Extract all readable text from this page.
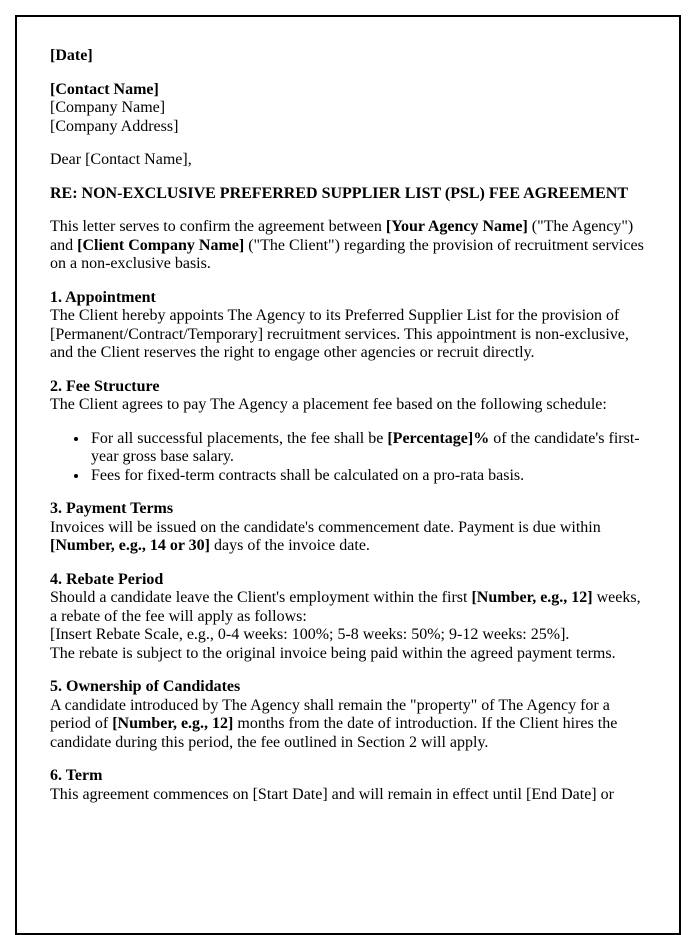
[Date]

[Contact Name]

[Company Name]

[Company Address]

Dear [Contact Name],

RE: NON-EXCLUSIVE PREFERRED SUPPLIER LIST (PSL) FEE AGREEMENT

This letter serves to confirm the agreement between [Your Agency Name] ("The Agency") and [Client Company Name] ("The Client") regarding the provision of recruitment services on a non-exclusive basis.

1. Appointment

The Client hereby appoints The Agency to its Preferred Supplier List for the provision of [Permanent/Contract/Temporary] recruitment services. This appointment is non-exclusive, and the Client reserves the right to engage other agencies or recruit directly.

2. Fee Structure

The Client agrees to pay The Agency a placement fee based on the following schedule:

• For all successful placements, the fee shall be [Percentage]% of the candidate's first-year gross base salary.
• Fees for fixed-term contracts shall be calculated on a pro-rata basis.

3. Payment Terms

Invoices will be issued on the candidate's commencement date. Payment is due within [Number, e.g., 14 or 30] days of the invoice date.

4. Rebate Period

Should a candidate leave the Client's employment within the first [Number, e.g., 12] weeks, a rebate of the fee will apply as follows:

[Insert Rebate Scale, e.g., 0-4 weeks: 100%; 5-8 weeks: 50%; 9-12 weeks: 25%].

The rebate is subject to the original invoice being paid within the agreed payment terms.

5. Ownership of Candidates

A candidate introduced by The Agency shall remain the "property" of The Agency for a period of [Number, e.g., 12] months from the date of introduction. If the Client hires the candidate during this period, the fee outlined in Section 2 will apply.

6. Term

This agreement commences on [Start Date] and will remain in effect until [End Date] or
